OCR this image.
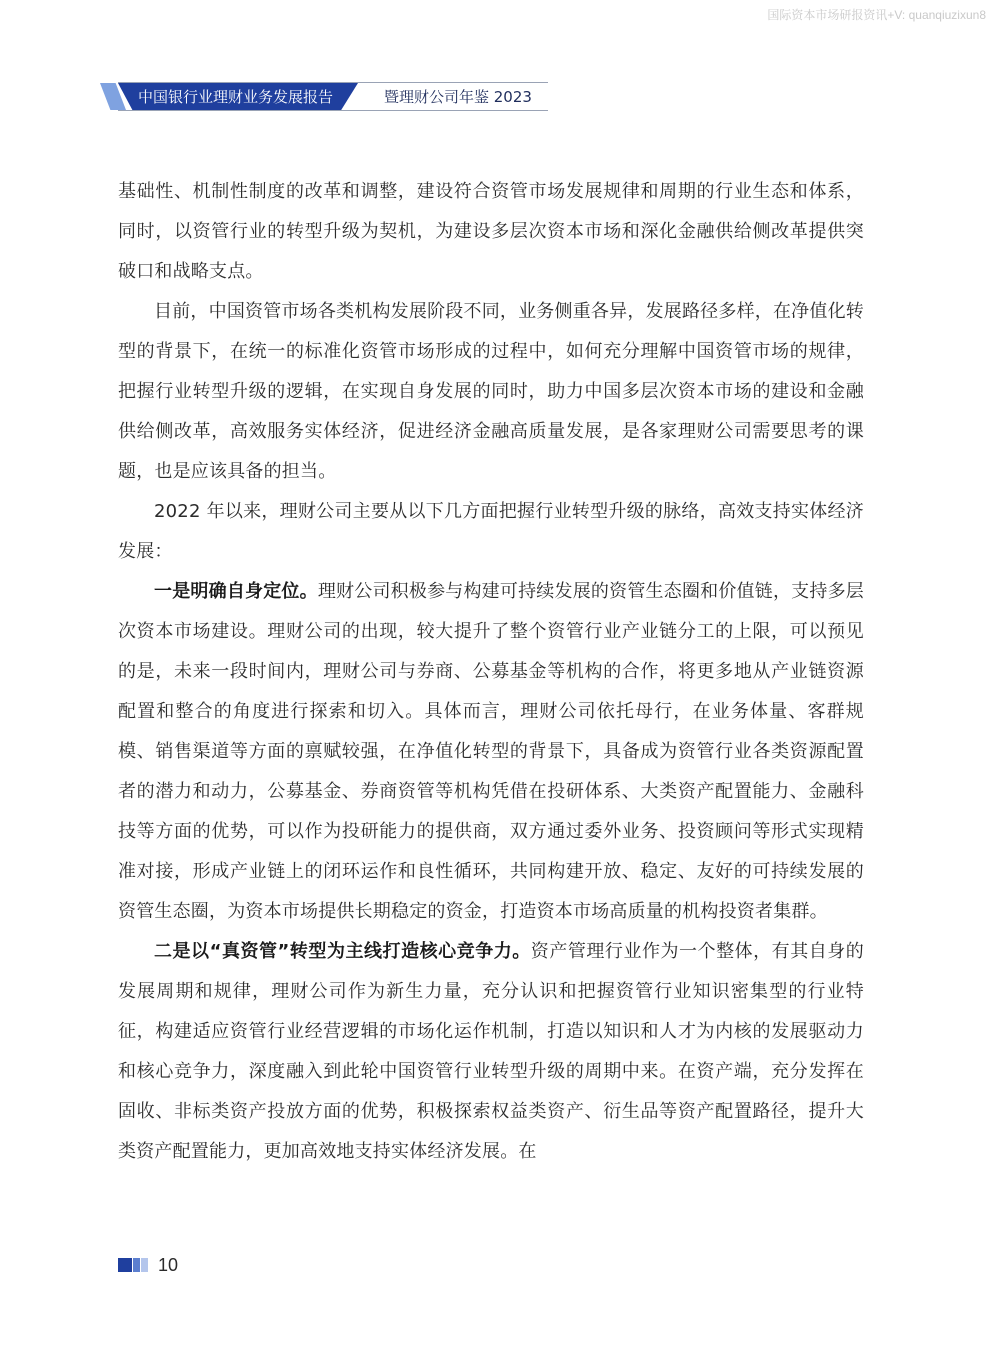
国际资本市场研报资讯+V: quanqiuzixun8
中国银行业理财业务发展报告	暨理财公司年鉴 2023

基础性、机制性制度的改革和调整，建设符合资管市场发展规律和周期的行业生态和体系，同时，以资管行业的转型升级为契机，为建设多层次资本市场和深化金融供给侧改革提供突破口和战略支点。

目前，中国资管市场各类机构发展阶段不同，业务侧重各异，发展路径多样，在净值化转型的背景下，在统一的标准化资管市场形成的过程中，如何充分理解中国资管市场的规律，把握行业转型升级的逻辑，在实现自身发展的同时，助力中国多层次资本市场的建设和金融供给侧改革，高效服务实体经济，促进经济金融高质量发展，是各家理财公司需要思考的课题，也是应该具备的担当。

2022 年以来，理财公司主要从以下几方面把握行业转型升级的脉络，高效支持实体经济发展：

一是明确自身定位。理财公司积极参与构建可持续发展的资管生态圈和价值链，支持多层次资本市场建设。理财公司的出现，较大提升了整个资管行业产业链分工的上限，可以预见的是，未来一段时间内，理财公司与券商、公募基金等机构的合作，将更多地从产业链资源配置和整合的角度进行探索和切入。具体而言，理财公司依托母行，在业务体量、客群规模、销售渠道等方面的禀赋较强，在净值化转型的背景下，具备成为资管行业各类资源配置者的潜力和动力，公募基金、券商资管等机构凭借在投研体系、大类资产配置能力、金融科技等方面的优势，可以作为投研能力的提供商，双方通过委外业务、投资顾问等形式实现精准对接，形成产业链上的闭环运作和良性循环，共同构建开放、稳定、友好的可持续发展的资管生态圈，为资本市场提供长期稳定的资金，打造资本市场高质量的机构投资者集群。

二是以“真资管”转型为主线打造核心竞争力。资产管理行业作为一个整体，有其自身的发展周期和规律，理财公司作为新生力量，充分认识和把握资管行业知识密集型的行业特征，构建适应资管行业经营逻辑的市场化运作机制，打造以知识和人才为内核的发展驱动力和核心竞争力，深度融入到此轮中国资管行业转型升级的周期中来。在资产端，充分发挥在固收、非标类资产投放方面的优势，积极探索权益类资产、衍生品等资产配置路径，提升大类资产配置能力，更加高效地支持实体经济发展。在

10
